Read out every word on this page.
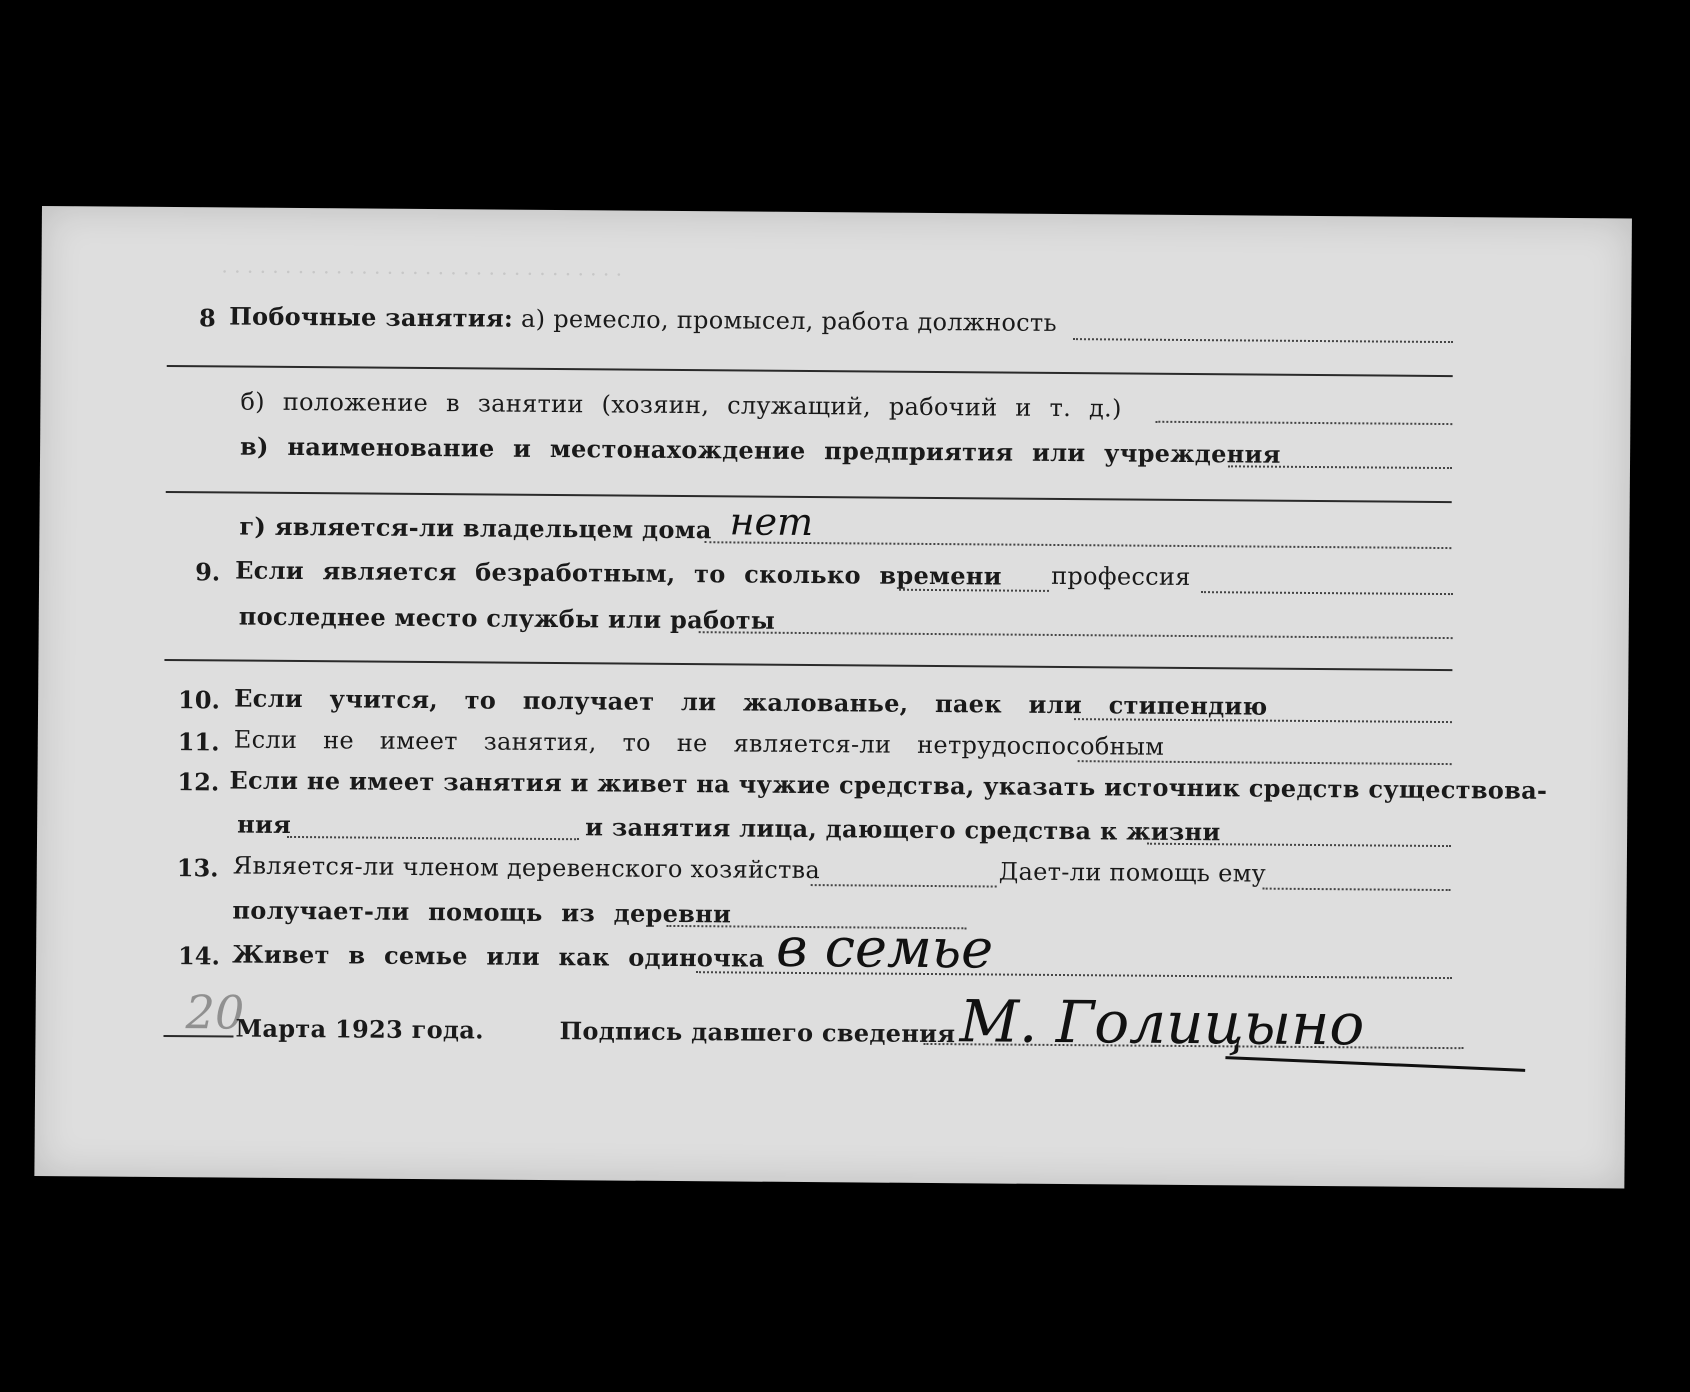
· · · · · · · · · · · · · · · · · · · · · · · · · · · · · · · ·
8 Побочные занятия: а) ремесло, промысел, работа должность
б) положение в занятии (хозяин, служащий, рабочий и т. д.)
в) наименование и местонахождение предприятия или учреждения
г) является-ли владельцем дома нет
9. Если является безработным, то сколько времени профессия
последнее место службы или работы
10. Если учится, то получает ли жалованье, паек или стипендию
11. Если не имеет занятия, то не является-ли нетрудоспособным
12. Если не имеет занятия и живет на чужие средства, указать источник средств существова-
ния	и занятия лица, дающего средства к жизни
13. Является-ли членом деревенского хозяйства	Дает-ли помощь ему
получает-ли помощь из деревни
14. Живет в семье или как одиночка в семье
20
Марта 1923 года.	Подпись давшего сведения М. Голицыно
